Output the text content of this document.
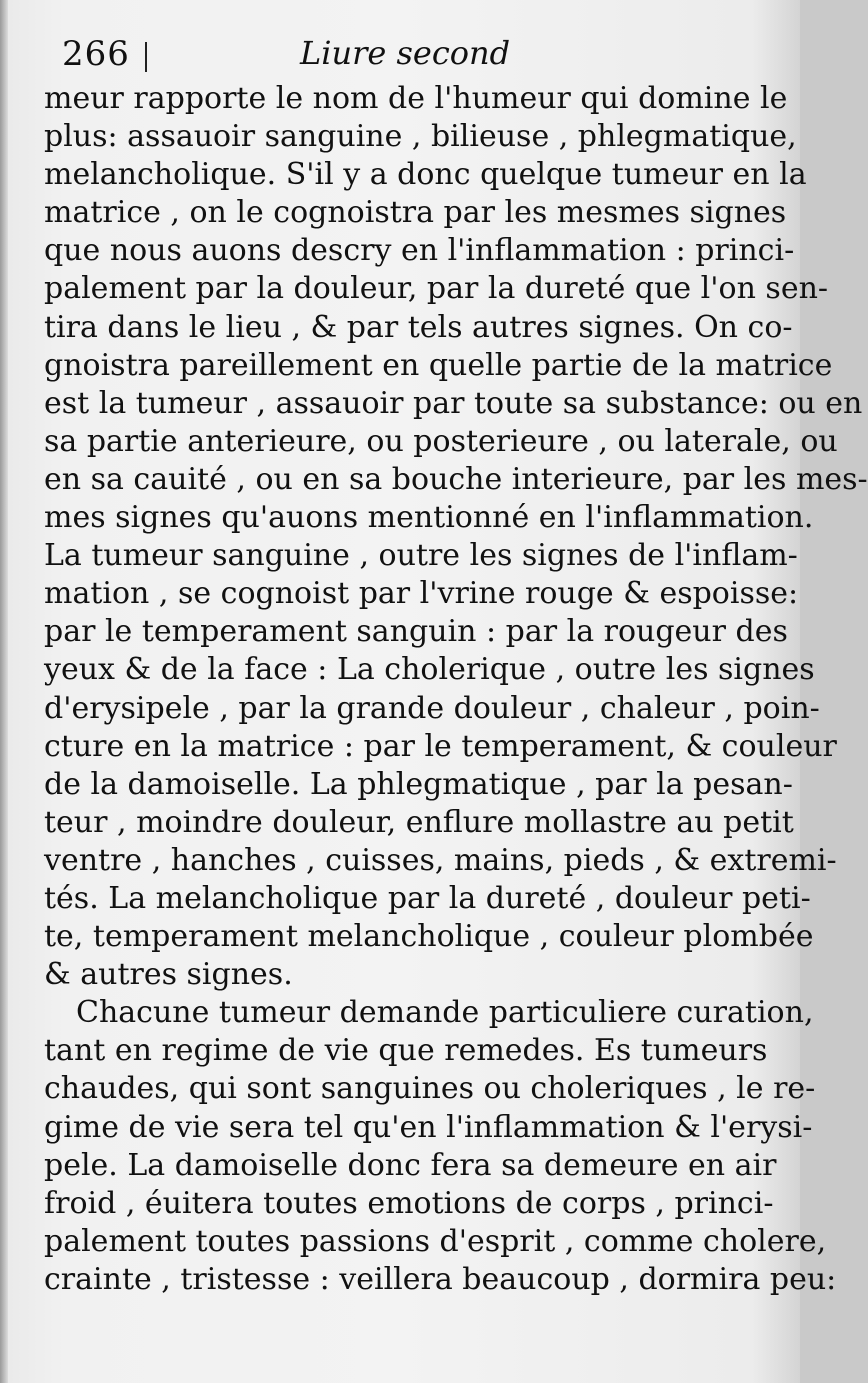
266	Liure second
meur rapporte le nom de l'humeur qui domine le
plus: assauoir sanguine , bilieuse , phlegmatique,
melancholique. S'il y a donc quelque tumeur en la
matrice , on le cognoistra par les mesmes signes
que nous auons descry en l'inflammation : princi-
palement par la douleur, par la dureté que l'on sen-
tira dans le lieu , & par tels autres signes. On co-
gnoistra pareillement en quelle partie de la matrice
est la tumeur , assauoir par toute sa substance: ou en
sa partie anterieure, ou posterieure , ou laterale, ou
en sa cauité , ou en sa bouche interieure, par les mes-
mes signes qu'auons mentionné en l'inflammation.
La tumeur sanguine , outre les signes de l'inflam-
mation , se cognoist par l'vrine rouge & espoisse:
par le temperament sanguin : par la rougeur des
yeux & de la face : La cholerique , outre les signes
d'erysipele , par la grande douleur , chaleur , poin-
cture en la matrice : par le temperament, & couleur
de la damoiselle. La phlegmatique , par la pesan-
teur , moindre douleur, enflure mollastre au petit
ventre , hanches , cuisses, mains, pieds , & extremi-
tés. La melancholique par la dureté , douleur peti-
te, temperament melancholique , couleur plombée
& autres signes.
Chacune tumeur demande particuliere curation,
tant en regime de vie que remedes. Es tumeurs
chaudes, qui sont sanguines ou choleriques , le re-
gime de vie sera tel qu'en l'inflammation & l'erysi-
pele. La damoiselle donc fera sa demeure en air
froid , éuitera toutes emotions de corps , princi-
palement toutes passions d'esprit , comme cholere,
crainte , tristesse : veillera beaucoup , dormira peu:
